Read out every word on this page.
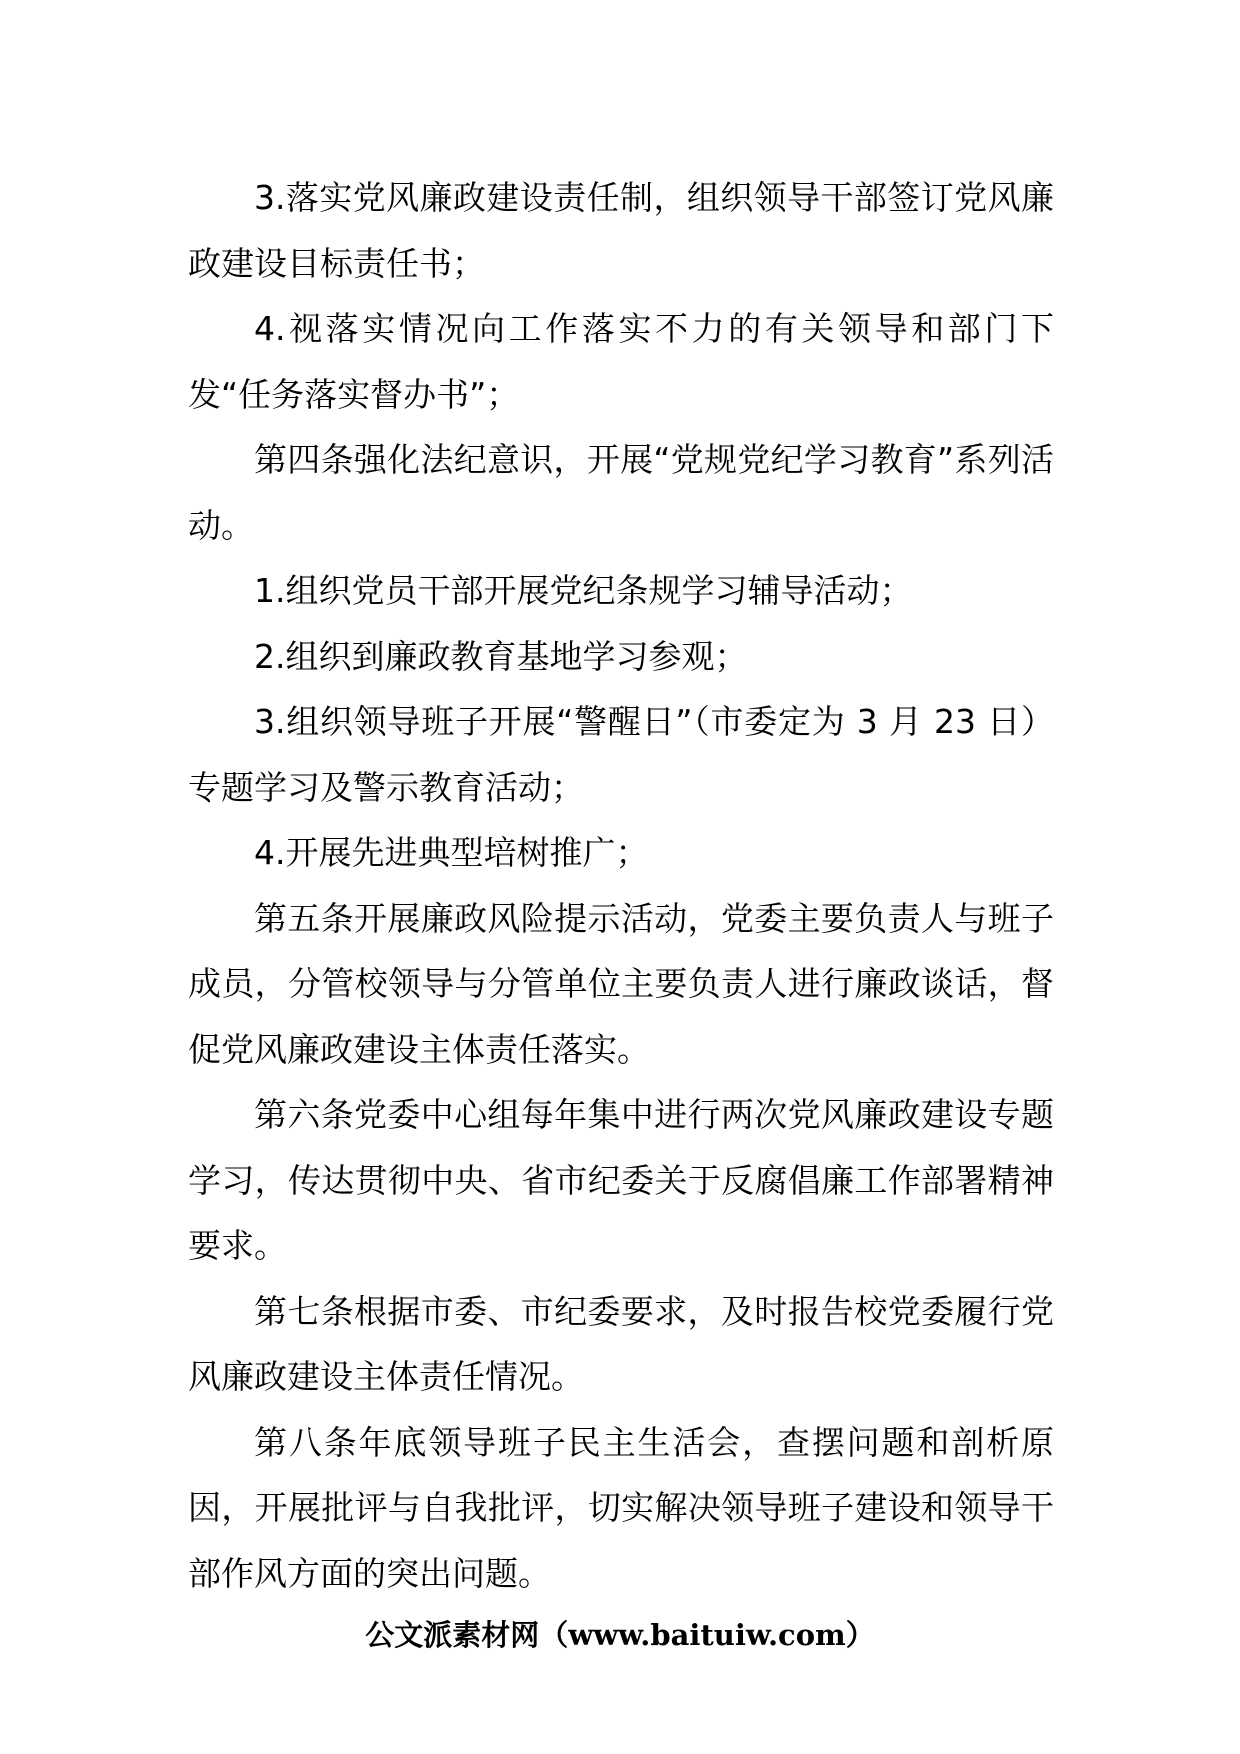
3.落实党风廉政建设责任制，组织领导干部签订党风廉政建设目标责任书；

4.视落实情况向工作落实不力的有关领导和部门下发“任务落实督办书”；

第四条强化法纪意识，开展“党规党纪学习教育”系列活动。

1.组织党员干部开展党纪条规学习辅导活动；

2.组织到廉政教育基地学习参观；

3.组织领导班子开展“警醒日”（市委定为 3 月 23 日）专题学习及警示教育活动；

4.开展先进典型培树推广；

第五条开展廉政风险提示活动，党委主要负责人与班子成员，分管校领导与分管单位主要负责人进行廉政谈话，督促党风廉政建设主体责任落实。

第六条党委中心组每年集中进行两次党风廉政建设专题学习，传达贯彻中央、省市纪委关于反腐倡廉工作部署精神要求。

第七条根据市委、市纪委要求，及时报告校党委履行党风廉政建设主体责任情况。

第八条年底领导班子民主生活会，查摆问题和剖析原因，开展批评与自我批评，切实解决领导班子建设和领导干部作风方面的突出问题。

公文派素材网（www.baituiw.com）
